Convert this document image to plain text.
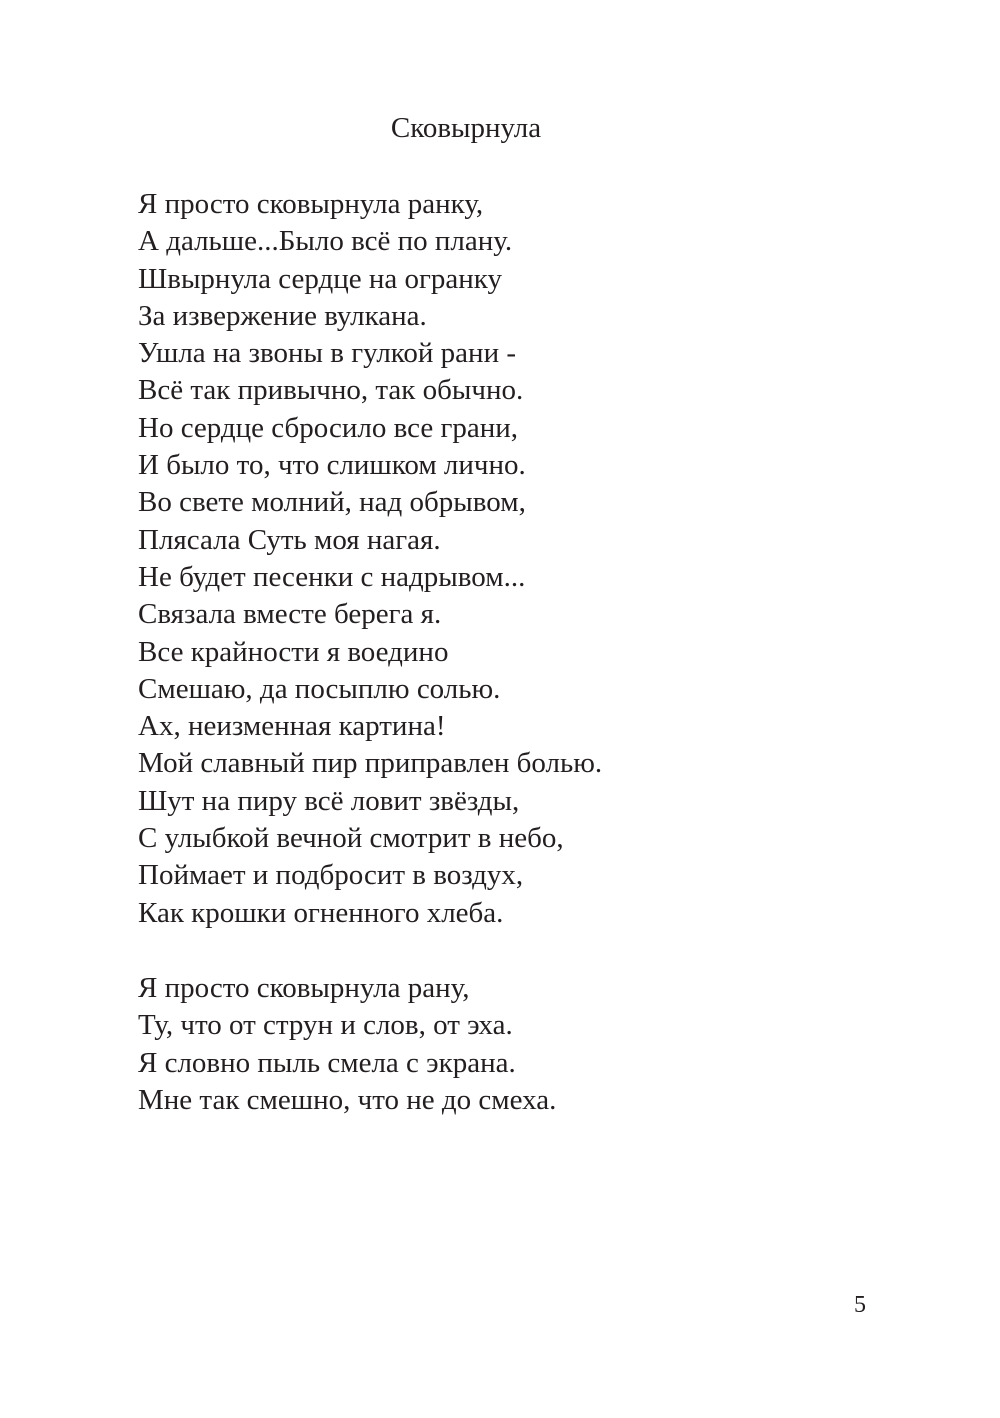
Сковырнула
Я просто сковырнула ранку,
А дальше...Было всё по плану.
Швырнула сердце на огранку
За извержение вулкана.
Ушла на звоны в гулкой рани -
Всё так привычно, так обычно.
Но сердце сбросило все грани,
И было то, что слишком лично.
Во свете молний, над обрывом,
Плясала Суть моя нагая.
Не будет песенки с надрывом...
Связала вместе берега я.
Все крайности я воедино
Смешаю, да посыплю солью.
Ах, неизменная картина!
Мой славный пир приправлен болью.
Шут на пиру всё ловит звёзды,
С улыбкой вечной смотрит в небо,
Поймает и подбросит в воздух,
Как крошки огненного хлеба.
Я просто сковырнула рану,
Ту, что от струн и слов, от эха.
Я словно пыль смела с экрана.
Мне так смешно, что не до смеха.
5
